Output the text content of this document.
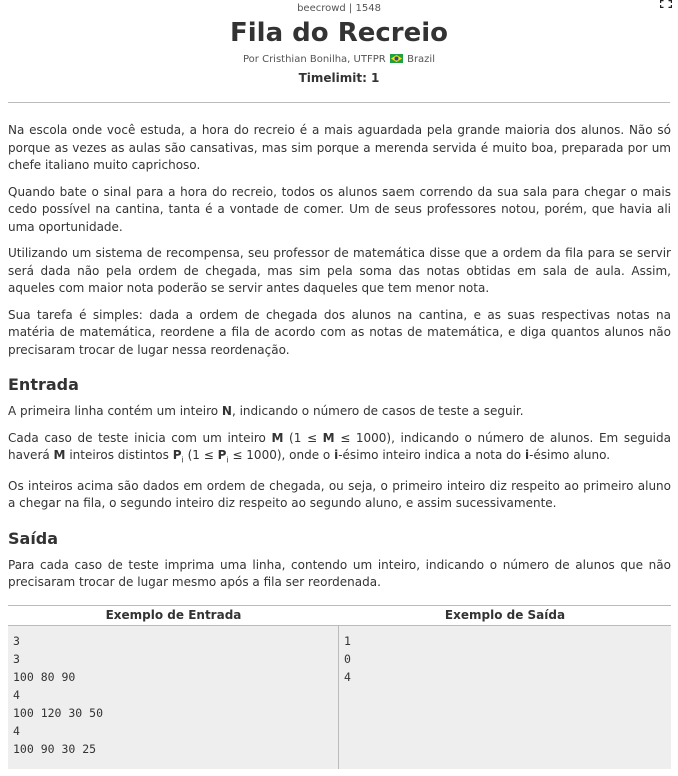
beecrowd | 1548
Fila do Recreio
Por Cristhian Bonilha, UTFPR Brazil
Timelimit: 1

Na escola onde você estuda, a hora do recreio é a mais aguardada pela grande maioria dos alunos. Não só porque as vezes as aulas são cansativas, mas sim porque a merenda servida é muito boa, preparada por um chefe italiano muito caprichoso.

Quando bate o sinal para a hora do recreio, todos os alunos saem correndo da sua sala para chegar o mais cedo possível na cantina, tanta é a vontade de comer. Um de seus professores notou, porém, que havia ali uma oportunidade.

Utilizando um sistema de recompensa, seu professor de matemática disse que a ordem da fila para se servir será dada não pela ordem de chegada, mas sim pela soma das notas obtidas em sala de aula. Assim, aqueles com maior nota poderão se servir antes daqueles que tem menor nota.

Sua tarefa é simples: dada a ordem de chegada dos alunos na cantina, e as suas respectivas notas na matéria de matemática, reordene a fila de acordo com as notas de matemática, e diga quantos alunos não precisaram trocar de lugar nessa reordenação.

Entrada

A primeira linha contém um inteiro N, indicando o número de casos de teste a seguir.

Cada caso de teste inicia com um inteiro M (1 ≤ M ≤ 1000), indicando o número de alunos. Em seguida haverá M inteiros distintos $P_i$ $(1 \le P_i \le 1000)$, onde o i-ésimo inteiro indica a nota do i-ésimo aluno.

Os inteiros acima são dados em ordem de chegada, ou seja, o primeiro inteiro diz respeito ao primeiro aluno a chegar na fila, o segundo inteiro diz respeito ao segundo aluno, e assim sucessivamente.

Saída

Para cada caso de teste imprima uma linha, contendo um inteiro, indicando o número de alunos que não precisaram trocar de lugar mesmo após a fila ser reordenada.

Exemplo de Entrada
3
3
100 80 90
4
100 120 30 50
4
100 90 30 25
Exemplo de Saída
1
0
4
